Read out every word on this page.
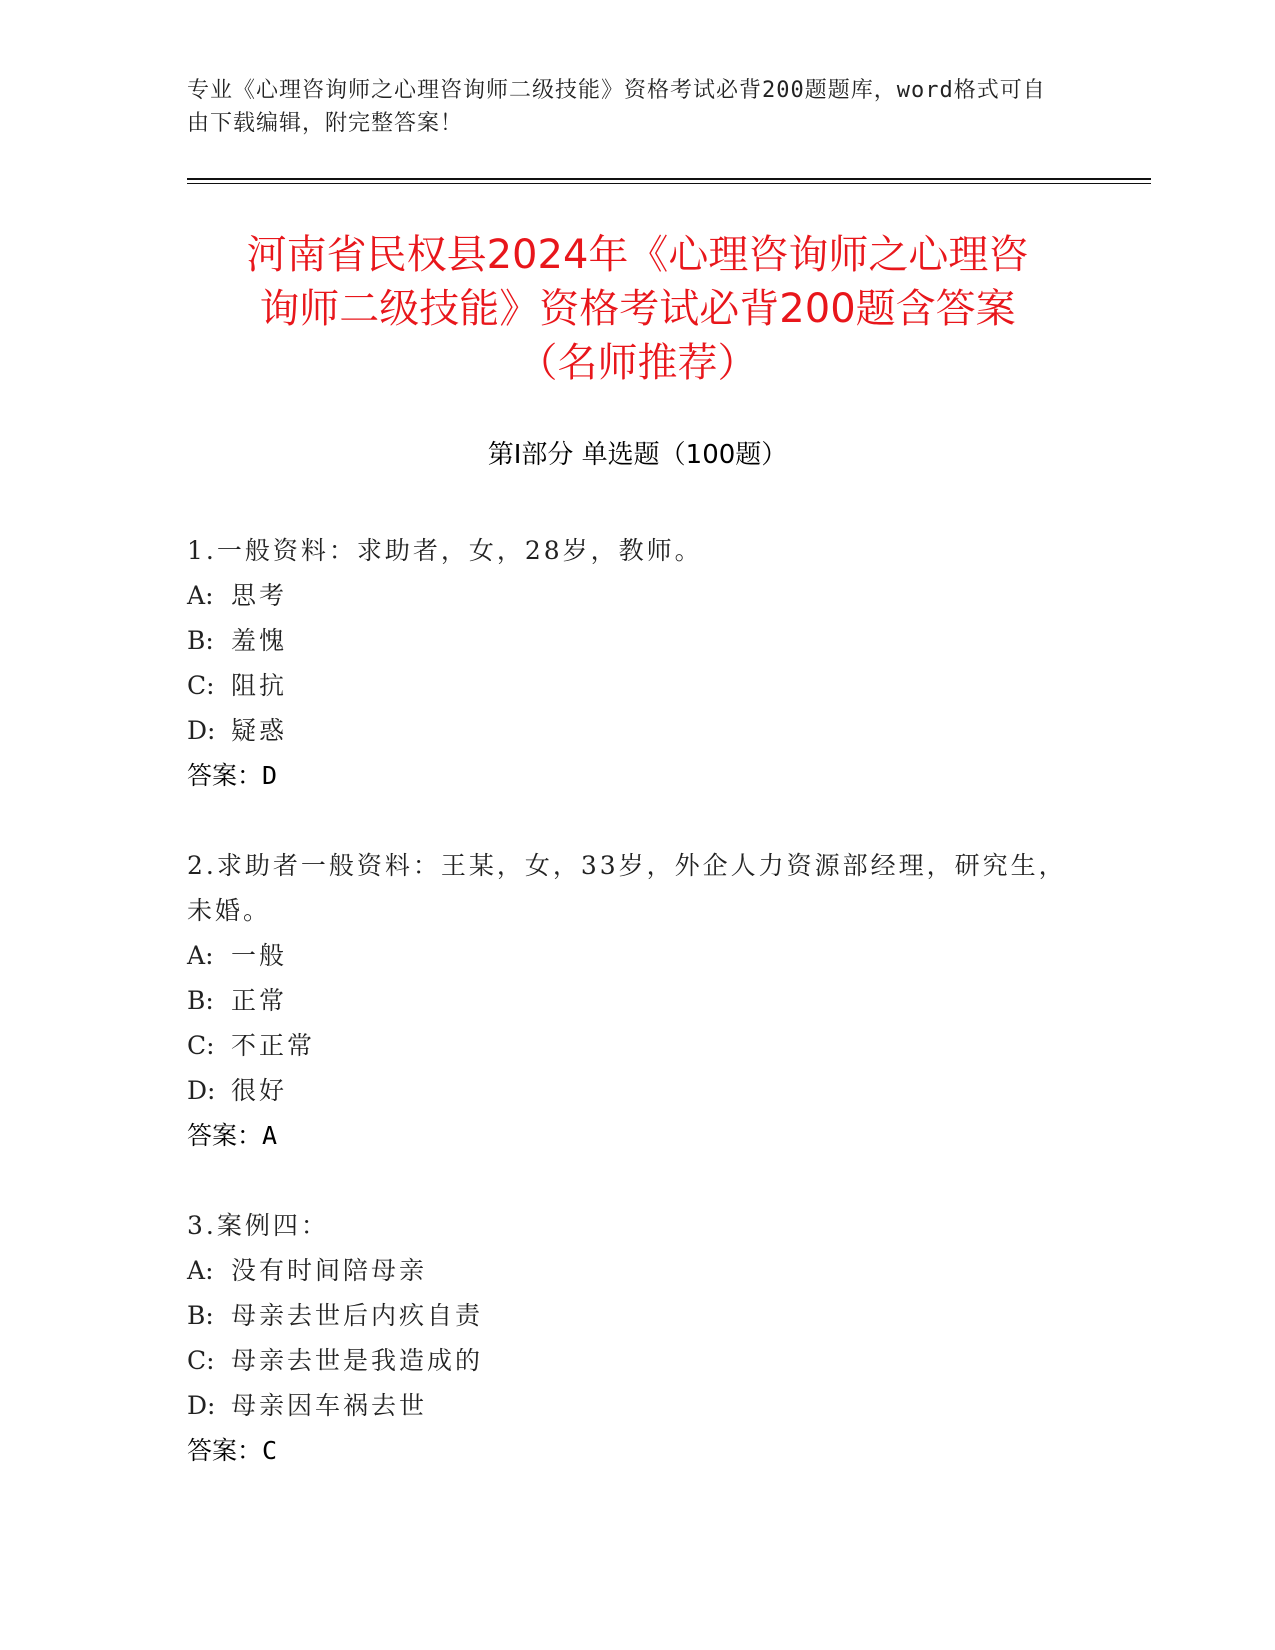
专业《心理咨询师之心理咨询师二级技能》资格考试必背200题题库，word格式可自由下载编辑，附完整答案！
河南省民权县2024年《心理咨询师之心理咨
询师二级技能》资格考试必背200题含答案
（名师推荐）
第Ⅰ部分 单选题（100题）
1.一般资料：求助者，女，28岁，教师。
A :	思考
B :	羞愧
C : 阻抗
D : 疑惑
答案：D
2.求助者一般资料：王某，女，33岁，外企人力资源部经理，研究生，未婚。
A :	一般
B :	正常
C : 不正常
D : 很好
答案：A
3.案例四：
A :	没有时间陪母亲
B :	母亲去世后内疚自责
C : 母亲去世是我造成的
D : 母亲因车祸去世
答案：C
